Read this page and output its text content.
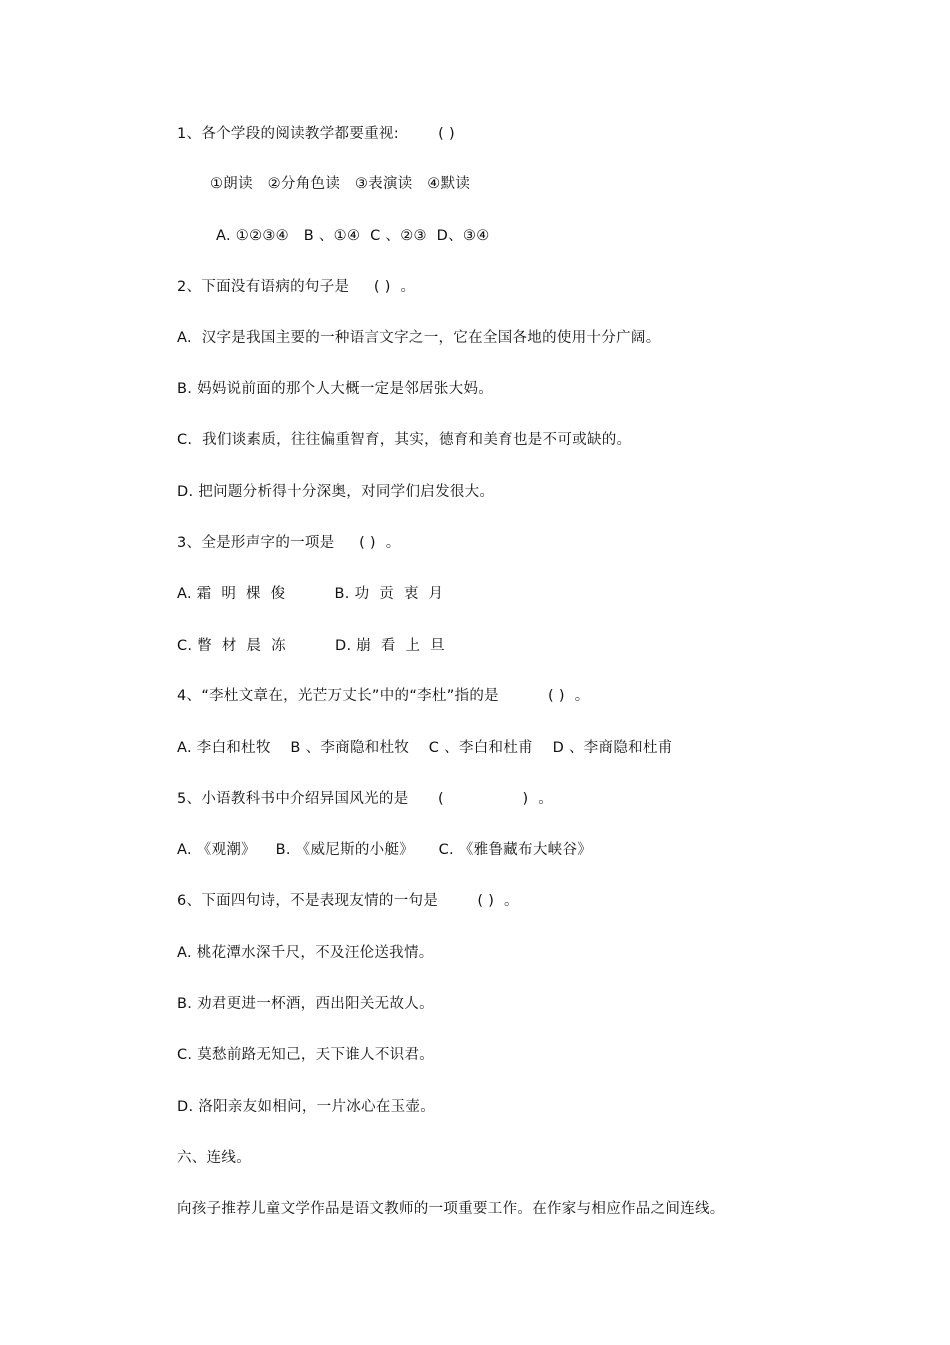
1、各个学段的阅读教学都要重视:        ( )
①朗读   ②分角色读   ③表演读   ④默读
A. ①②③④   B 、①④  C 、②③  D、③④
2、下面没有语病的句子是     ( )  。
A.  汉字是我国主要的一种语言文字之一，它在全国各地的使用十分广阔。
B. 妈妈说前面的那个人大概一定是邻居张大妈。
C.  我们谈素质，往往偏重智育，其实，德育和美育也是不可或缺的。
D. 把问题分析得十分深奥，对同学们启发很大。
3、全是形声字的一项是     ( )  。
A. 霜  明  棵  俊          B. 功  贡  衷  月
C. 瞥  材  晨  冻          D. 崩  看  上  旦
4、“李杜文章在，光芒万丈长”中的“李杜”指的是          ( )  。
A. 李白和杜牧    B 、李商隐和杜牧    C 、李白和杜甫    D 、李商隐和杜甫
5、小语教科书中介绍异国风光的是      (                )  。
A. 《观潮》    B. 《威尼斯的小艇》     C. 《雅鲁藏布大峡谷》
6、下面四句诗，不是表现友情的一句是        ( )  。
A. 桃花潭水深千尺，不及汪伦送我情。
B. 劝君更进一杯酒，西出阳关无故人。
C. 莫愁前路无知己，天下谁人不识君。
D. 洛阳亲友如相问，一片冰心在玉壶。
六、连线。
向孩子推荐儿童文学作品是语文教师的一项重要工作。在作家与相应作品之间连线。
